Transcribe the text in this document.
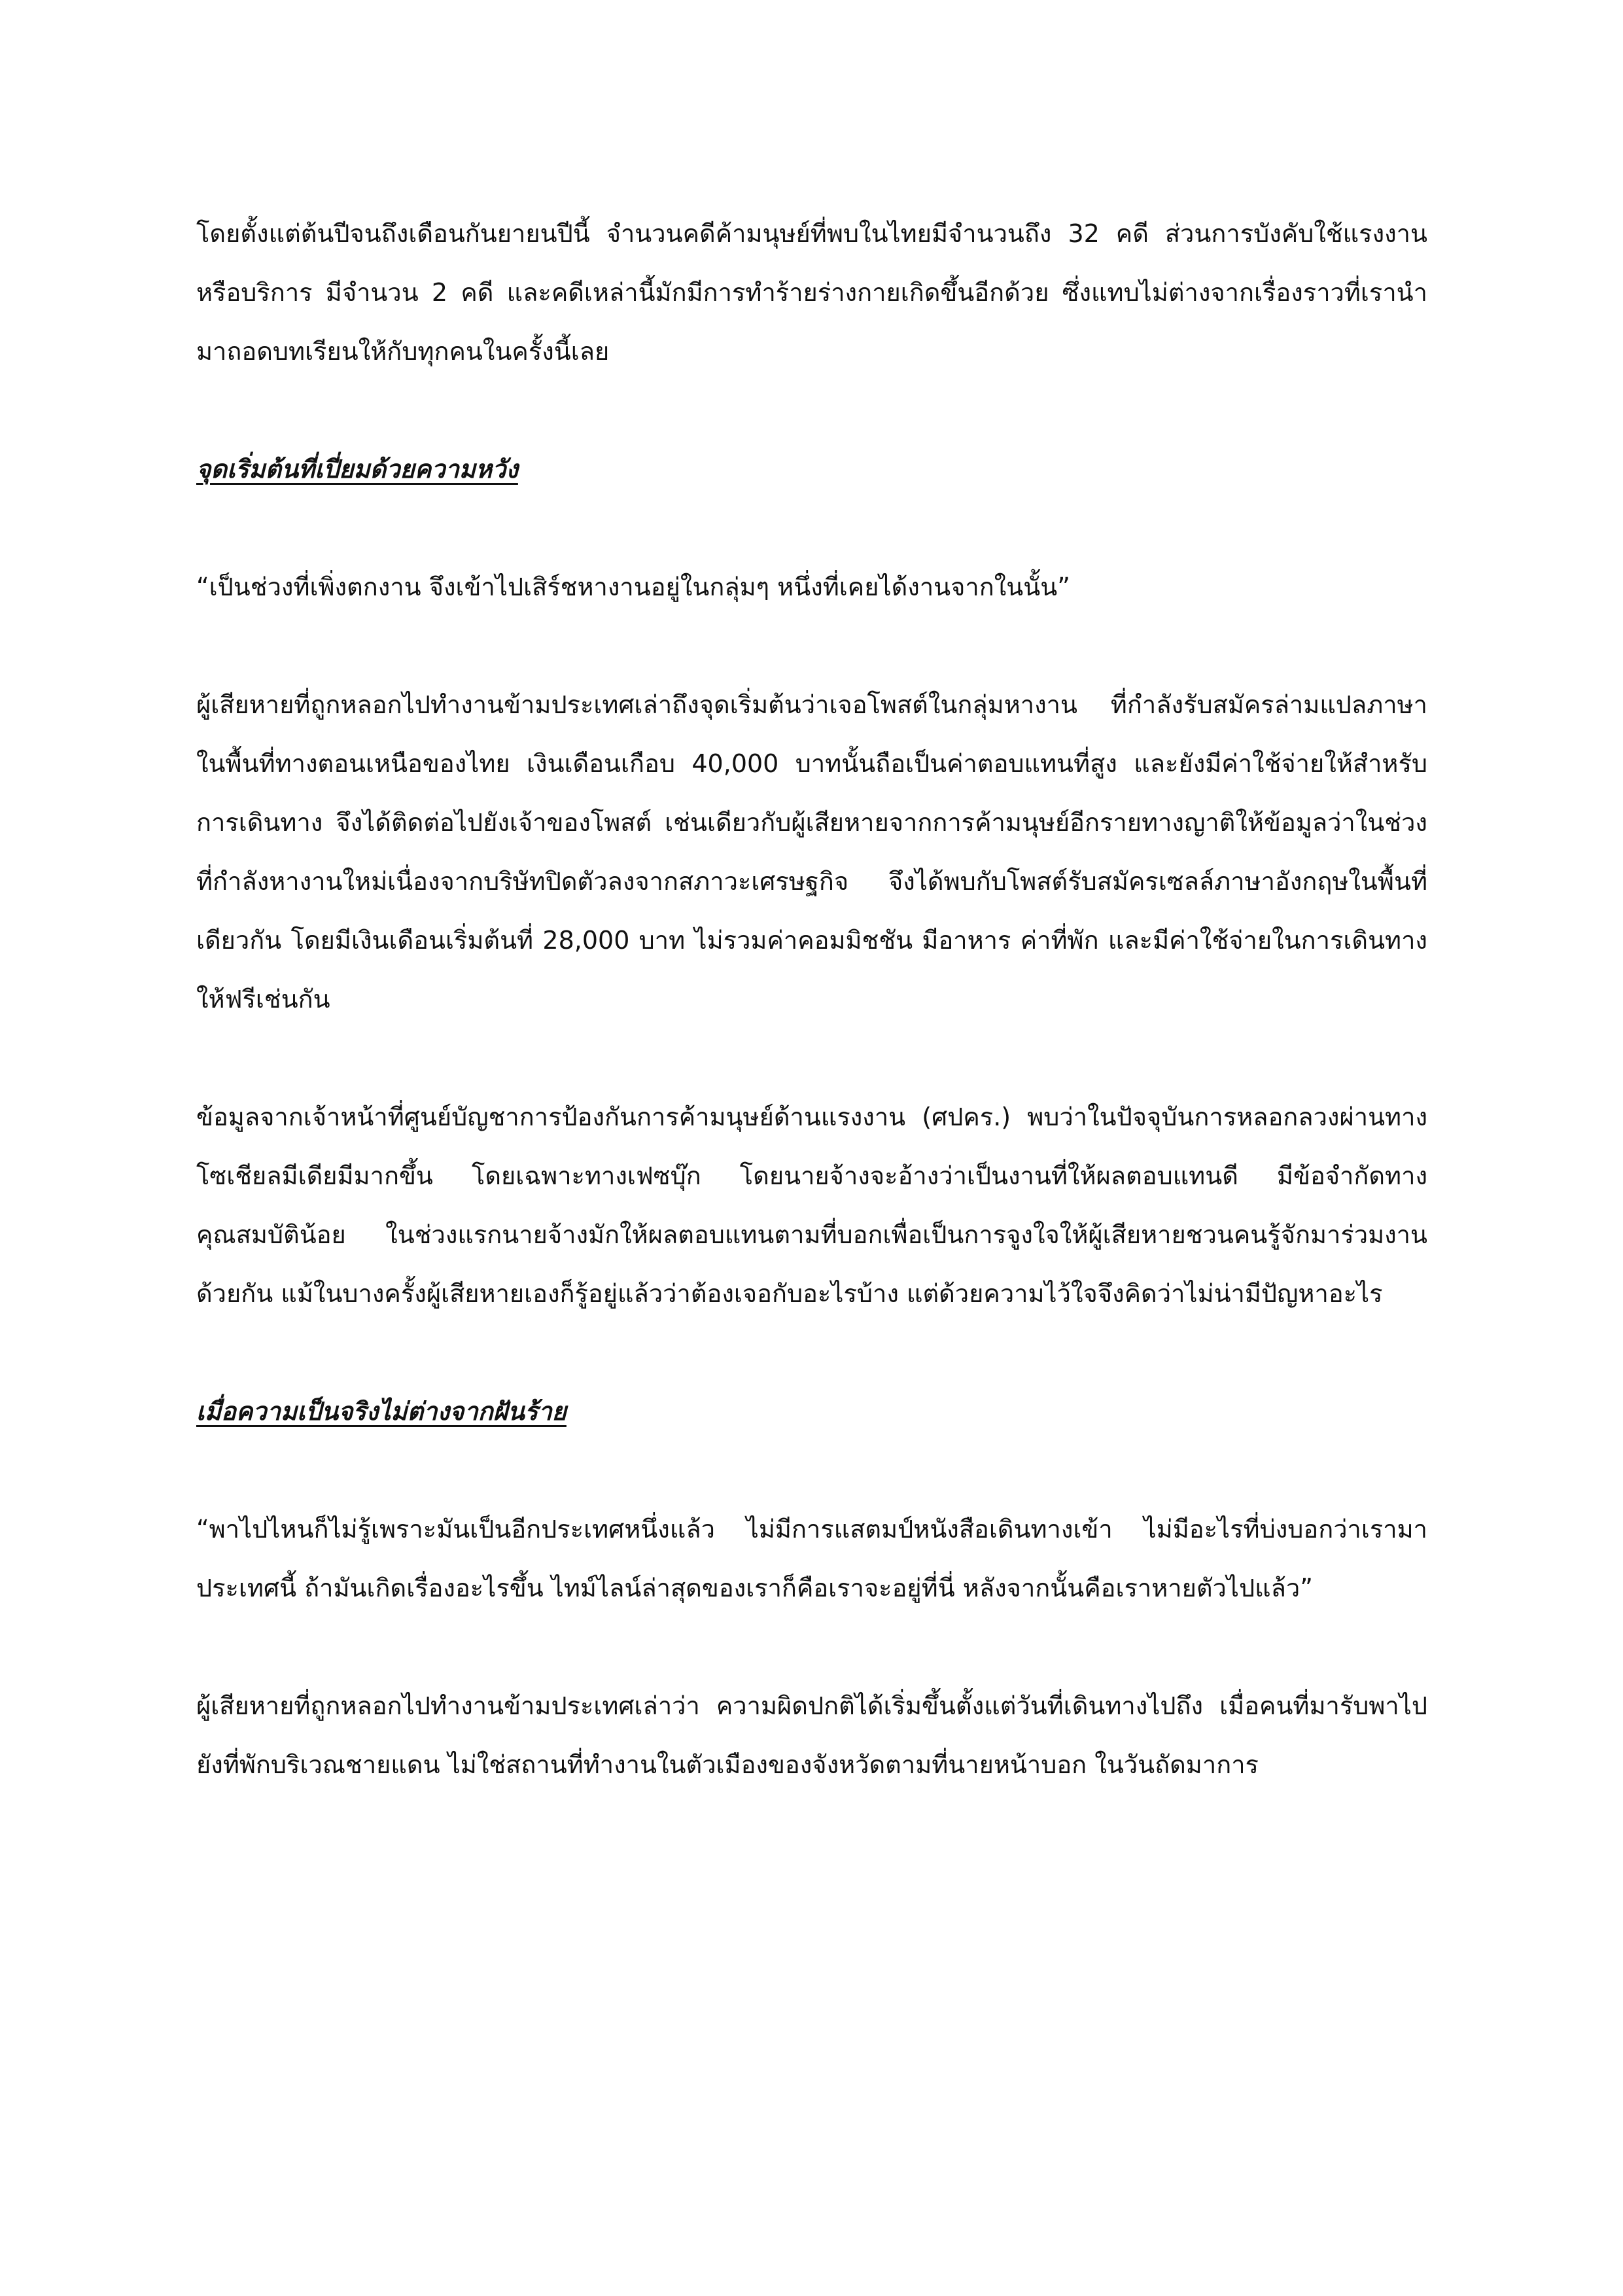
โดยตั้งแต่ต้นปีจนถึงเดือนกันยายนปีนี้ จำนวนคดีค้ามนุษย์ที่พบในไทยมีจำนวนถึง 32 คดี ส่วนการบังคับใช้แรงงานหรือบริการ มีจำนวน 2 คดี และคดีเหล่านี้มักมีการทำร้ายร่างกายเกิดขึ้นอีกด้วย ซึ่งแทบไม่ต่างจากเรื่องราวที่เรานำมาถอดบทเรียนให้กับทุกคนในครั้งนี้เลย

จุดเริ่มต้นที่เปี่ยมด้วยความหวัง

“เป็นช่วงที่เพิ่งตกงาน จึงเข้าไปเสิร์ชหางานอยู่ในกลุ่มๆ หนึ่งที่เคยได้งานจากในนั้น”

ผู้เสียหายที่ถูกหลอกไปทำงานข้ามประเทศเล่าถึงจุดเริ่มต้นว่าเจอโพสต์ในกลุ่มหางาน ที่กำลังรับสมัครล่ามแปลภาษาในพื้นที่ทางตอนเหนือของไทย เงินเดือนเกือบ 40,000 บาทนั้นถือเป็นค่าตอบแทนที่สูง และยังมีค่าใช้จ่ายให้สำหรับการเดินทาง จึงได้ติดต่อไปยังเจ้าของโพสต์ เช่นเดียวกับผู้เสียหายจากการค้ามนุษย์อีกรายทางญาติให้ข้อมูลว่าในช่วงที่กำลังหางานใหม่เนื่องจากบริษัทปิดตัวลงจากสภาวะเศรษฐกิจ จึงได้พบกับโพสต์รับสมัครเซลล์ภาษาอังกฤษในพื้นที่เดียวกัน โดยมีเงินเดือนเริ่มต้นที่ 28,000 บาท ไม่รวมค่าคอมมิชชัน มีอาหาร ค่าที่พัก และมีค่าใช้จ่ายในการเดินทางให้ฟรีเช่นกัน

ข้อมูลจากเจ้าหน้าที่ศูนย์บัญชาการป้องกันการค้ามนุษย์ด้านแรงงาน (ศปคร.) พบว่าในปัจจุบันการหลอกลวงผ่านทางโซเชียลมีเดียมีมากขึ้น โดยเฉพาะทางเฟซบุ๊ก โดยนายจ้างจะอ้างว่าเป็นงานที่ให้ผลตอบแทนดี มีข้อจำกัดทางคุณสมบัติน้อย ในช่วงแรกนายจ้างมักให้ผลตอบแทนตามที่บอกเพื่อเป็นการจูงใจให้ผู้เสียหายชวนคนรู้จักมาร่วมงานด้วยกัน แม้ในบางครั้งผู้เสียหายเองก็รู้อยู่แล้วว่าต้องเจอกับอะไรบ้าง แต่ด้วยความไว้ใจจึงคิดว่าไม่น่ามีปัญหาอะไร

เมื่อความเป็นจริงไม่ต่างจากฝันร้าย

“พาไปไหนก็ไม่รู้เพราะมันเป็นอีกประเทศหนึ่งแล้ว ไม่มีการแสตมป์หนังสือเดินทางเข้า ไม่มีอะไรที่บ่งบอกว่าเรามาประเทศนี้ ถ้ามันเกิดเรื่องอะไรขึ้น ไทม์ไลน์ล่าสุดของเราก็คือเราจะอยู่ที่นี่ หลังจากนั้นคือเราหายตัวไปแล้ว”

ผู้เสียหายที่ถูกหลอกไปทำงานข้ามประเทศเล่าว่า ความผิดปกติได้เริ่มขึ้นตั้งแต่วันที่เดินทางไปถึง เมื่อคนที่มารับพาไปยังที่พักบริเวณชายแดน ไม่ใช่สถานที่ทำงานในตัวเมืองของจังหวัดตามที่นายหน้าบอก ในวันถัดมาการ
